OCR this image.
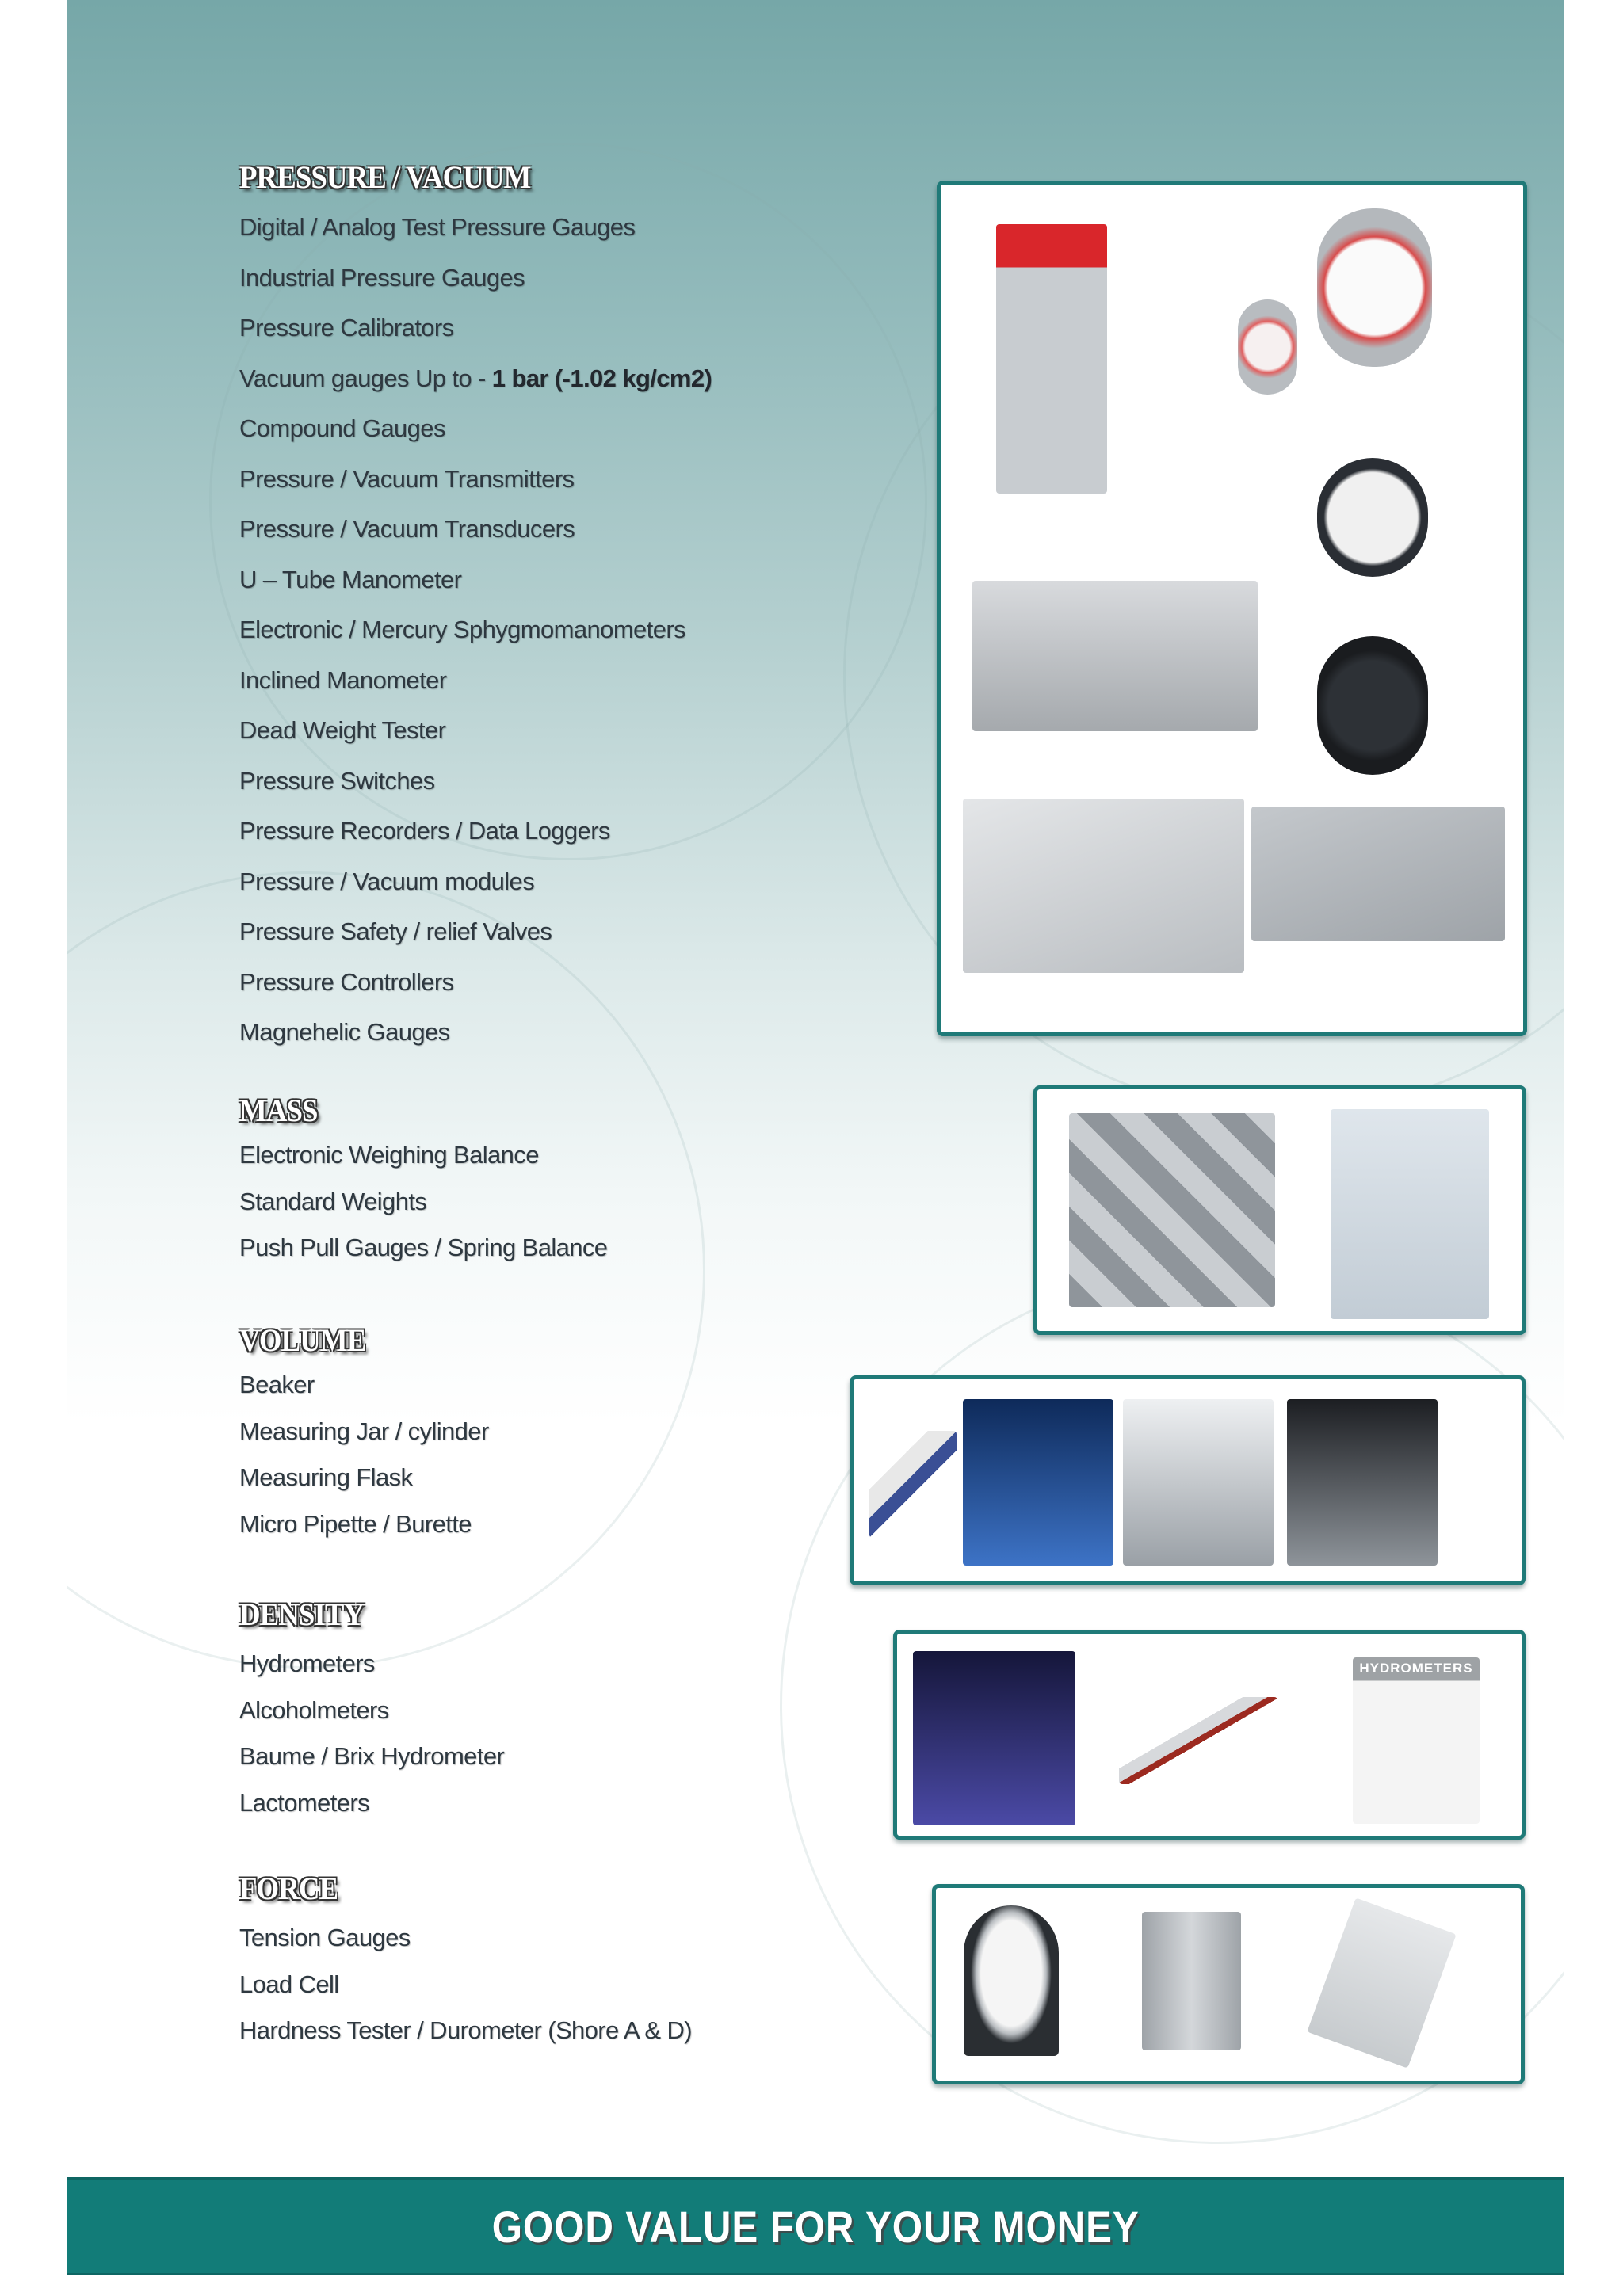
PRESSURE / VACUUM
Digital / Analog Test Pressure Gauges
Industrial Pressure Gauges
Pressure Calibrators
Vacuum gauges Up to - 1 bar (-1.02 kg/cm2)
Compound Gauges
Pressure / Vacuum Transmitters
Pressure / Vacuum Transducers
U – Tube Manometer
Electronic / Mercury Sphygmomanometers
Inclined Manometer
Dead Weight Tester
Pressure Switches
Pressure Recorders / Data Loggers
Pressure / Vacuum modules
Pressure Safety / relief Valves
Pressure Controllers
Magnehelic Gauges
MASS
Electronic Weighing Balance
Standard Weights
Push Pull Gauges / Spring Balance
VOLUME
Beaker
Measuring Jar / cylinder
Measuring Flask
Micro Pipette / Burette
DENSITY
Hydrometers
Alcoholmeters
Baume / Brix Hydrometer
Lactometers
HYDROMETERS
FORCE
Tension Gauges
Load Cell
Hardness Tester / Durometer (Shore A & D)
GOOD VALUE FOR YOUR MONEY
